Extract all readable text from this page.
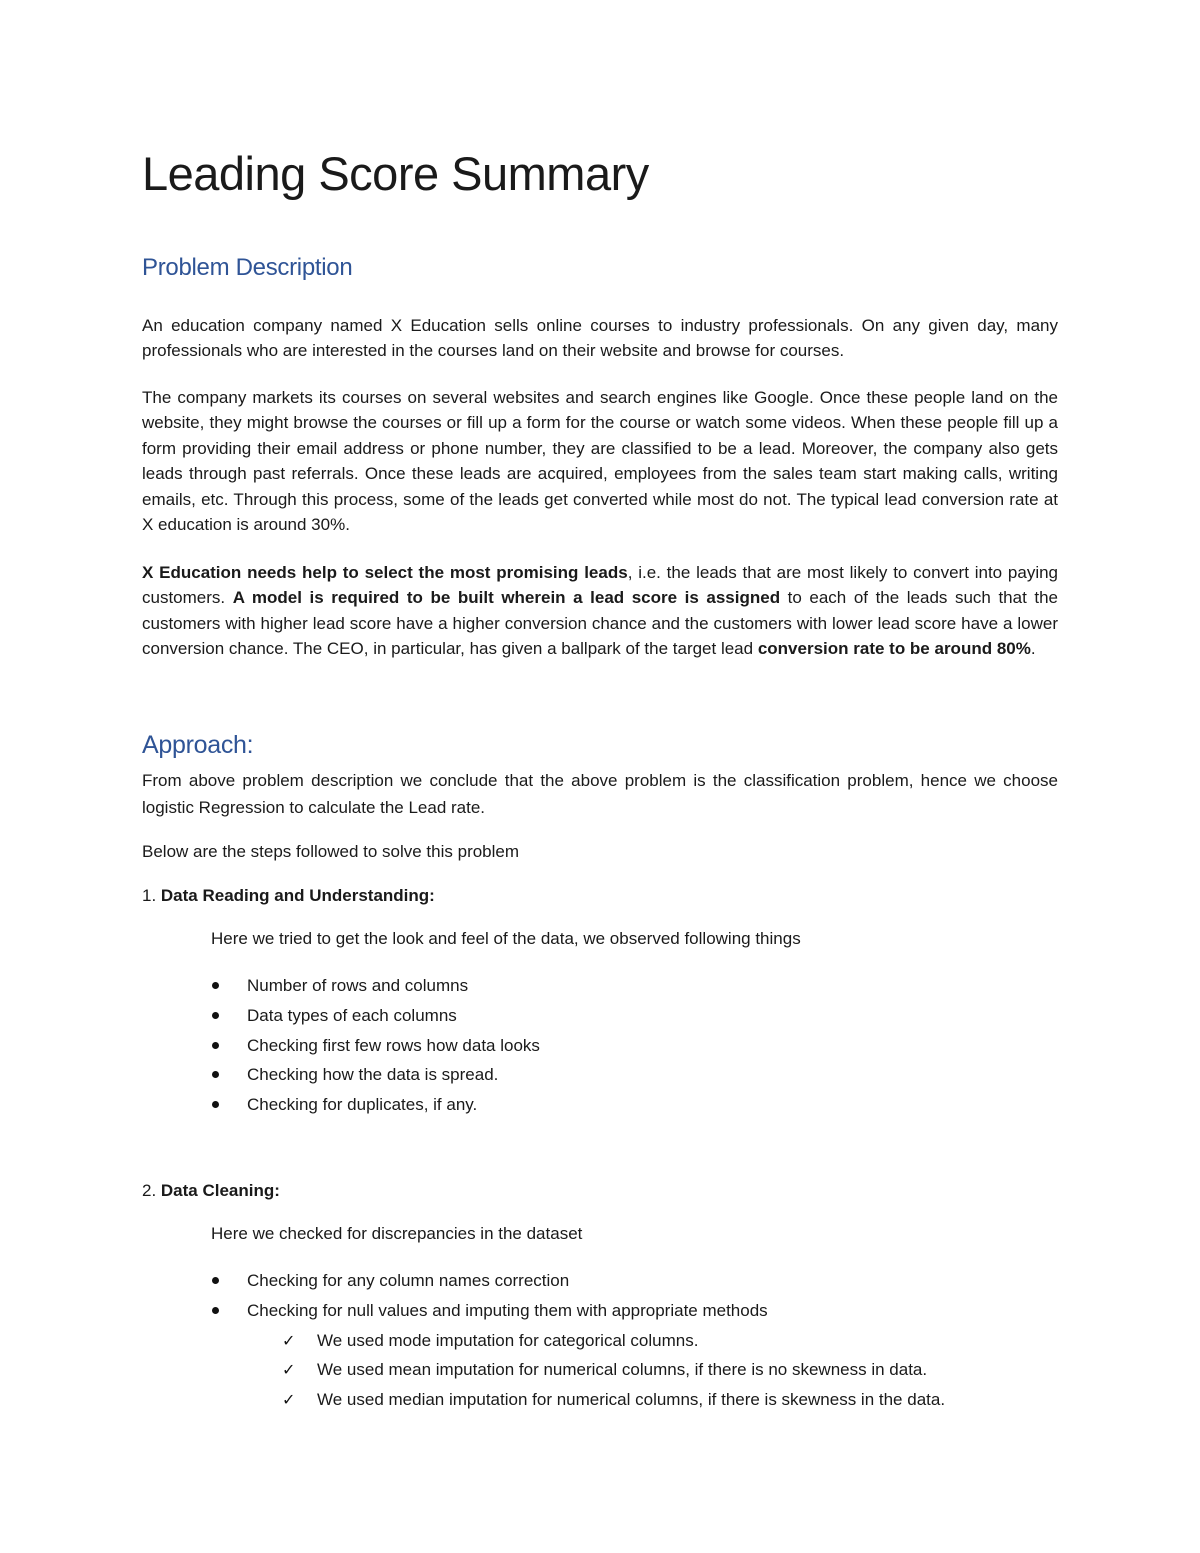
Leading Score Summary
Problem Description

An education company named X Education sells online courses to industry professionals. On any given day, many professionals who are interested in the courses land on their website and browse for courses.

The company markets its courses on several websites and search engines like Google. Once these people land on the website, they might browse the courses or fill up a form for the course or watch some videos. When these people fill up a form providing their email address or phone number, they are classified to be a lead. Moreover, the company also gets leads through past referrals. Once these leads are acquired, employees from the sales team start making calls, writing emails, etc. Through this process, some of the leads get converted while most do not. The typical lead conversion rate at X education is around 30%.

X Education needs help to select the most promising leads, i.e. the leads that are most likely to convert into paying customers. A model is required to be built wherein a lead score is assigned to each of the leads such that the customers with higher lead score have a higher conversion chance and the customers with lower lead score have a lower conversion chance. The CEO, in particular, has given a ballpark of the target lead conversion rate to be around 80%.

Approach:

From above problem description we conclude that the above problem is the classification problem, hence we choose logistic Regression to calculate the Lead rate.

Below are the steps followed to solve this problem

1. Data Reading and Understanding:

Here we tried to get the look and feel of the data, we observed following things

Number of rows and columns
Data types of each columns
Checking first few rows how data looks
Checking how the data is spread.
Checking for duplicates, if any.

2. Data Cleaning:

Here we checked for discrepancies in the dataset

Checking for any column names correction
Checking for null values and imputing them with appropriate methods
✓ We used mode imputation for categorical columns.
✓ We used mean imputation for numerical columns, if there is no skewness in data.
✓ We used median imputation for numerical columns, if there is skewness in the data.
